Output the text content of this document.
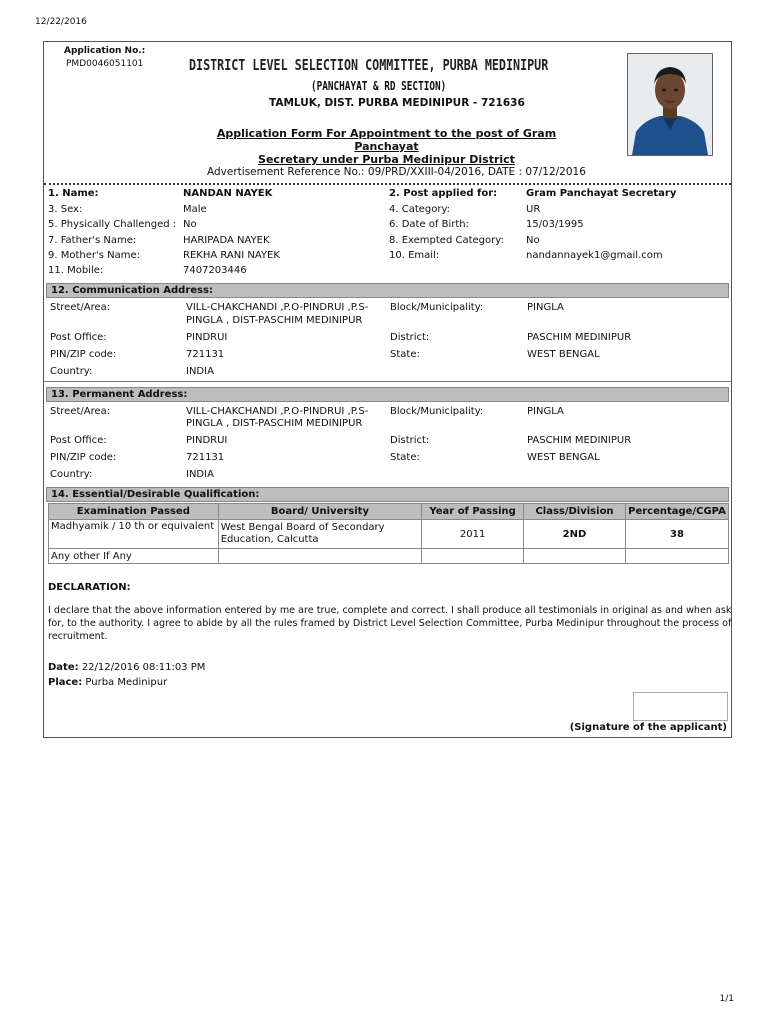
12/22/2016
Application No.:
PMD0046051101	DISTRICT LEVEL SELECTION COMMITTEE, PURBA MEDINIPUR
(PANCHAYAT & RD SECTION)
TAMLUK, DIST. PURBA MEDINIPUR - 721636
Application Form For Appointment to the post of Gram Panchayat
Secretary under Purba Medinipur District
Advertisement Reference No.: 09/PRD/XXIII-04/2016, DATE : 07/12/2016
1. Name:	NANDAN NAYEK	2. Post applied for:	Gram Panchayat Secretary
3. Sex:	Male	4. Category:	UR
5. Physically Challenged : No	6. Date of Birth:	15/03/1995
7. Father's Name:	HARIPADA NAYEK	8. Exempted Category: No
9. Mother's Name:	REKHA RANI NAYEK	10. Email:	nandannayek1@gmail.com
11. Mobile:	7407203446
12. Communication Address:
Street/Area:	VILL-CHAKCHANDI ,P.O-PINDRUI ,P.S-
PINGLA , DIST-PASCHIM MEDINIPUR
Block/Municipality:	PINGLA
Post Office:	PINDRUI	District:	PASCHIM MEDINIPUR
PIN/ZIP code:	721131	State:	WEST BENGAL
Country:	INDIA
13. Permanent Address:
Street/Area:	VILL-CHAKCHANDI ,P.O-PINDRUI ,P.S-
PINGLA , DIST-PASCHIM MEDINIPUR
Block/Municipality:	PINGLA
Post Office:	PINDRUI	District:	PASCHIM MEDINIPUR
PIN/ZIP code:	721131	State:	WEST BENGAL
Country:	INDIA
14. Essential/Desirable Qualification:
Examination Passed	Board/ University	Year of Passing	Class/Division	Percentage/CGPA
Madhyamik / 10 th or equivalent	West Bengal Board of Secondary Education, Calcutta	2011	2ND	38
Any other If Any				
DECLARATION:
I declare that the above information entered by me are true, complete and correct. I shall produce all testimonials in original as and when ask for, to the authority. I agree to abide by all the rules framed by District Level Selection Committee, Purba Medinipur throughout the process of recruitment.
Date: 22/12/2016 08:11:03 PM
Place: Purba Medinipur
(Signature of the applicant)
1/1
